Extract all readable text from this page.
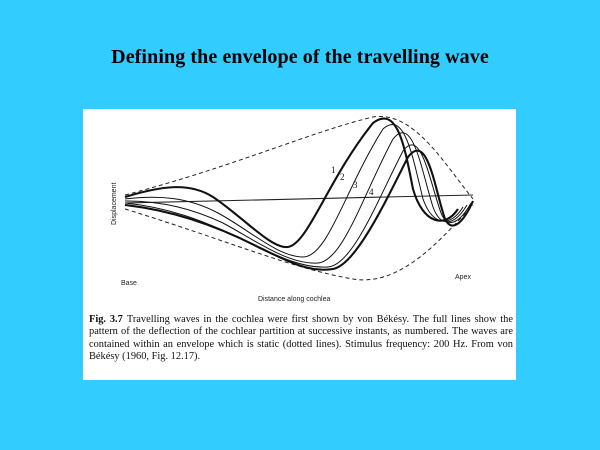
Defining the envelope of the travelling wave
1
2
3
4
Displacement
Base
Apex
Distance along cochlea
Fig. 3.7 Travelling waves in the cochlea were first shown by von Békésy. The full lines show the pattern of the deflection of the cochlear partition at successive instants, as numbered. The waves are contained within an envelope which is static (dotted lines). Stimulus frequency: 200 Hz. From von Békésy (1960, Fig. 12.17).
